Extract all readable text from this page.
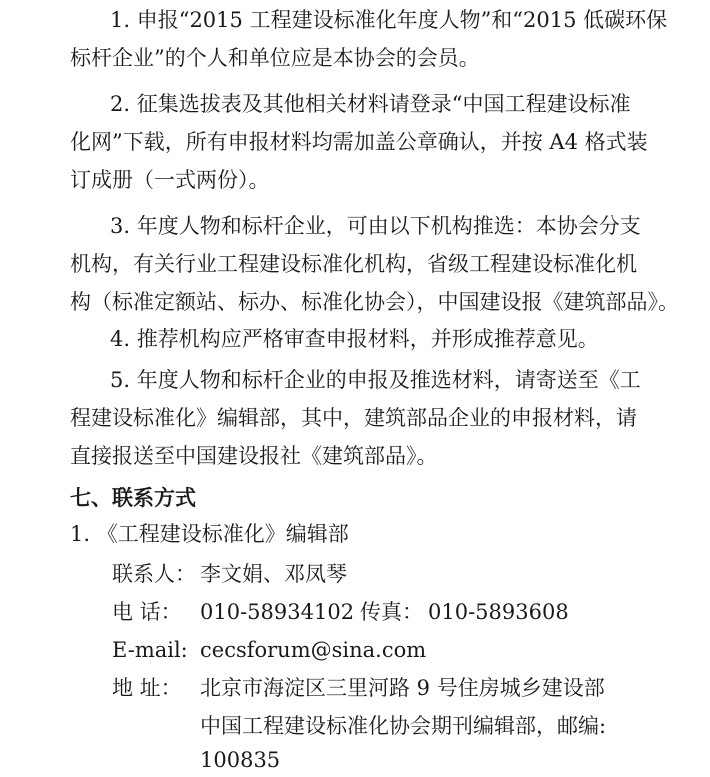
1. 申报“2015 工程建设标准化年度人物”和“2015 低碳环保
标杆企业”的个人和单位应是本协会的会员。
2. 征集选拔表及其他相关材料请登录“中国工程建设标准
化网”下载，所有申报材料均需加盖公章确认，并按 A4 格式装
订成册（一式两份）。
3. 年度人物和标杆企业，可由以下机构推选：本协会分支
机构，有关行业工程建设标准化机构，省级工程建设标准化机
构（标准定额站、标办、标准化协会），中国建设报《建筑部品》。
4. 推荐机构应严格审查申报材料，并形成推荐意见。
5. 年度人物和标杆企业的申报及推选材料，请寄送至《工
程建设标准化》编辑部，其中，建筑部品企业的申报材料，请
直接报送至中国建设报社《建筑部品》。
七、联系方式
1. 《工程建设标准化》编辑部
联系人： 李文娟、邓凤琴
电 话： 010-58934102 传真： 010-5893608
E-mail: cecsforum@sina.com
地 址： 北京市海淀区三里河路 9 号住房城乡建设部
中国工程建设标准化协会期刊编辑部，邮编:
100835
